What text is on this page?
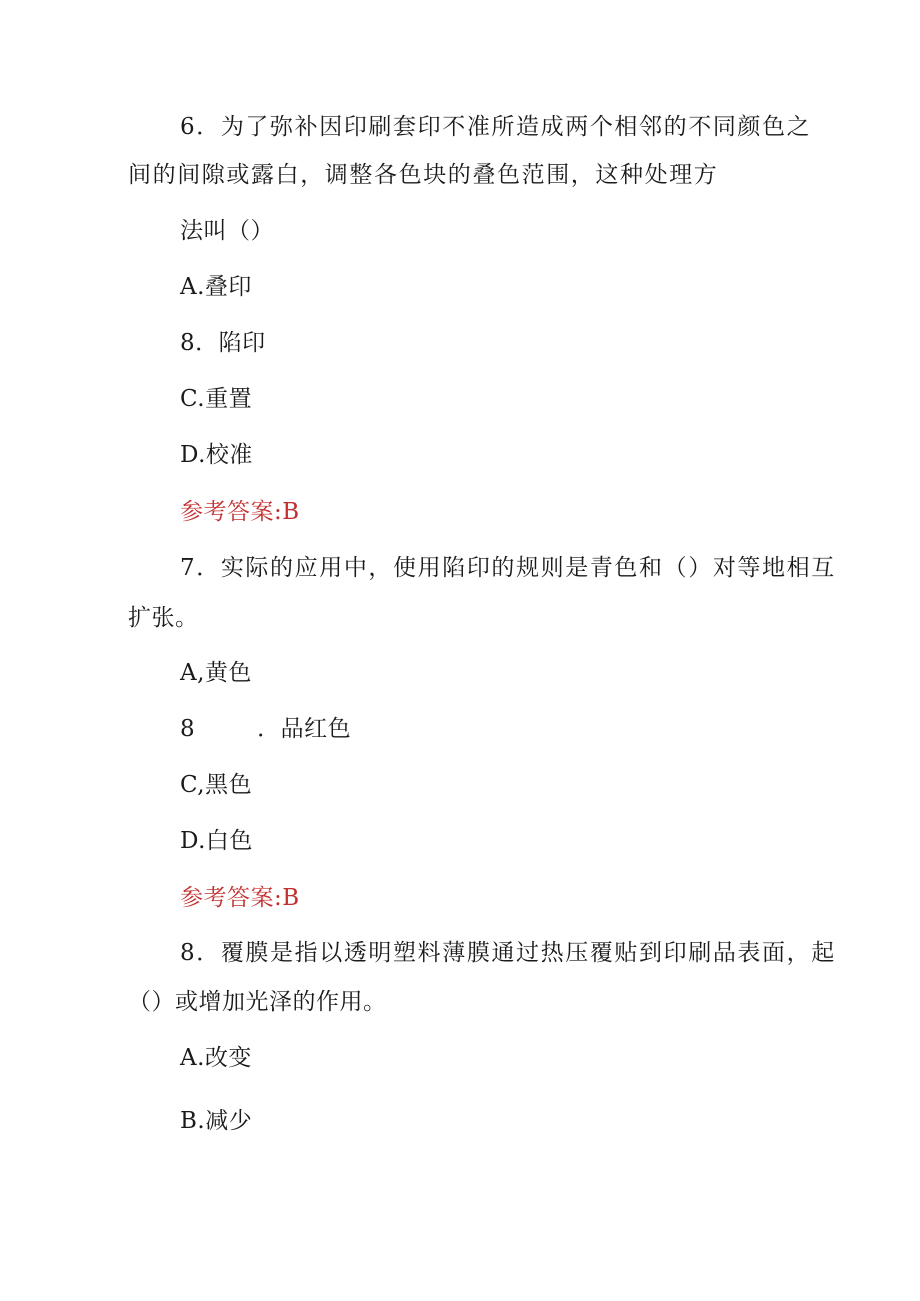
6．为了弥补因印刷套印不准所造成两个相邻的不同颜色之
间的间隙或露白，调整各色块的叠色范围，这种处理方
法叫（）
A.叠印
8．陷印
C.重置
D.校准
参考答案:B
7．实际的应用中，使用陷印的规则是青色和（）对等地相互
扩张。
A,黄色
8	．品红色
C,黑色
D.白色
参考答案:B
8．覆膜是指以透明塑料薄膜通过热压覆贴到印刷品表面，起
（）或增加光泽的作用。
A.改变
B.减少
